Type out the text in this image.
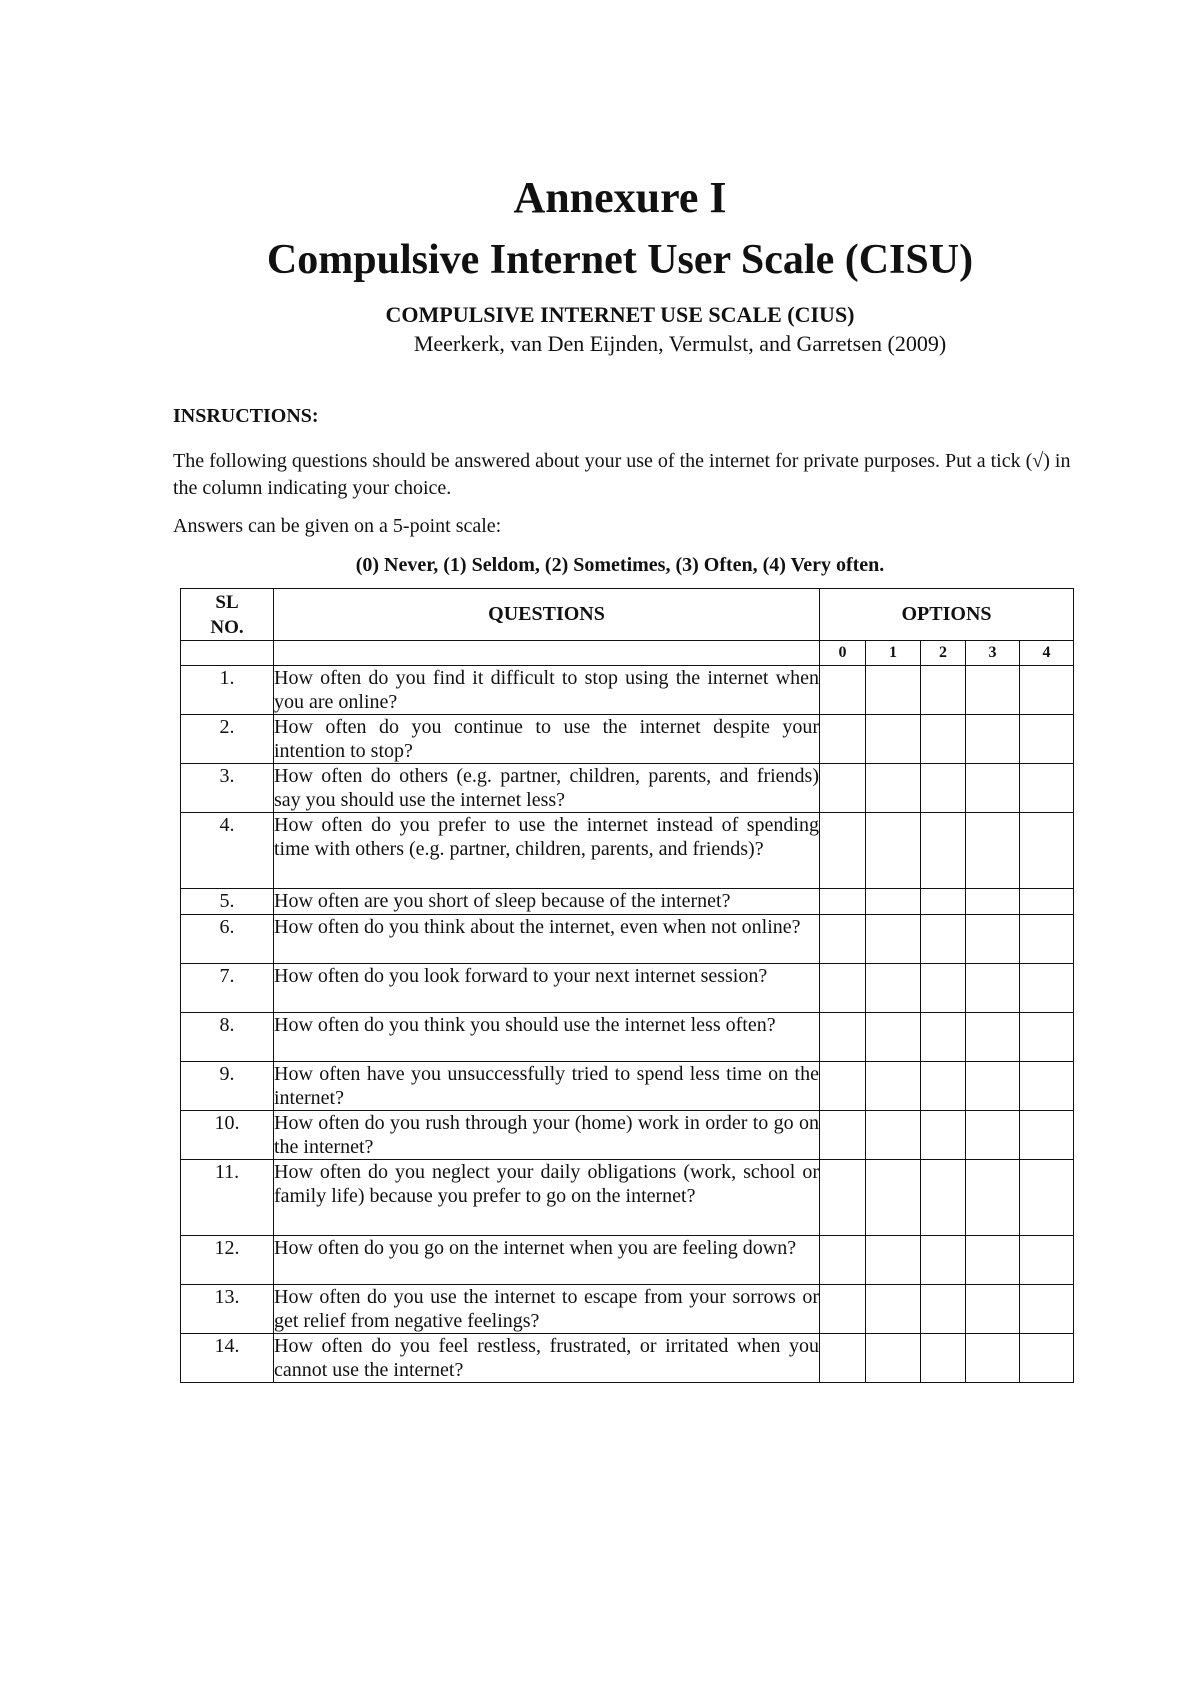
Annexure I
Compulsive Internet User Scale (CISU)
COMPULSIVE INTERNET USE SCALE (CIUS)
Meerkerk, van Den Eijnden, Vermulst, and Garretsen (2009)
INSRUCTIONS:

The following questions should be answered about your use of the internet for private purposes. Put a tick (√) in the column indicating your choice.

Answers can be given on a 5-point scale:
(0) Never, (1) Seldom, (2) Sometimes, (3) Often, (4) Very often.
SL
NO.	QUESTIONS	OPTIONS				
		0	1	2	3	4
1.	How often do you find it difficult to stop using the internet when you are online?					
2.	How often do you continue to use the internet despite your intention to stop?					
3.	How often do others (e.g. partner, children, parents, and friends) say you should use the internet less?					
4.	How often do you prefer to use the internet instead of spending time with others (e.g. partner, children, parents, and friends)?					
5.	How often are you short of sleep because of the internet?					
6.	How often do you think about the internet, even when not online?					
7.	How often do you look forward to your next internet session?					
8.	How often do you think you should use the internet less often?					
9.	How often have you unsuccessfully tried to spend less time on the internet?					
10.	How often do you rush through your (home) work in order to go on the internet?					
11.	How often do you neglect your daily obligations (work, school or family life) because you prefer to go on the internet?					
12.	How often do you go on the internet when you are feeling down?					
13.	How often do you use the internet to escape from your sorrows or get relief from negative feelings?					
14.	How often do you feel restless, frustrated, or irritated when you cannot use the internet?					
